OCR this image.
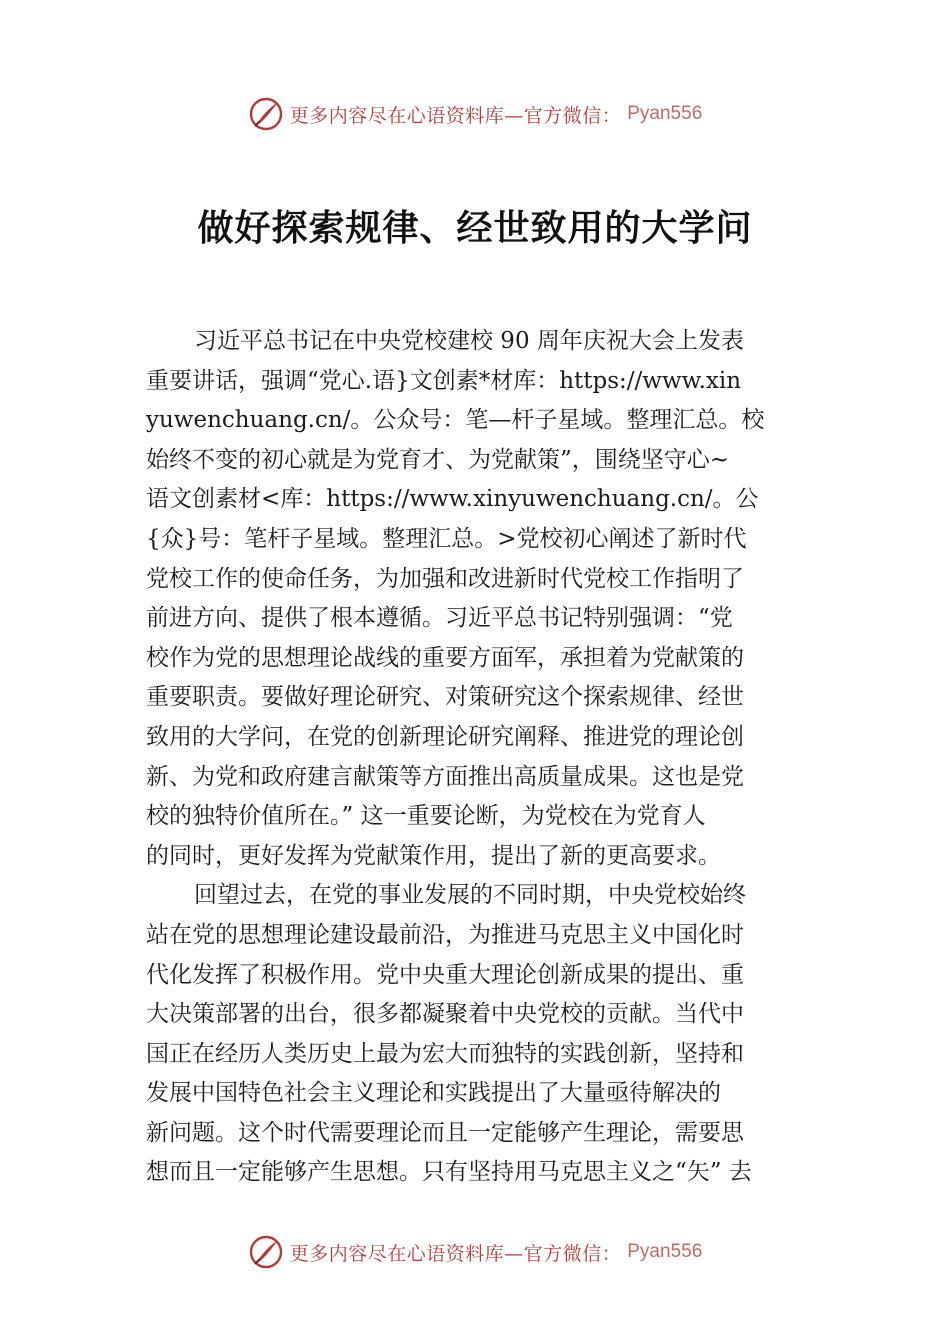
更多内容尽在心语资料库—官方微信： Pyan556
做好探索规律、经世致用的大学问
习近平总书记在中央党校建校 90 周年庆祝大会上发表
重要讲话，强调“党心.语}文创素*材库：https://www.xin
yuwenchuang.cn/。公众号：笔—杆子星域。整理汇总。校
始终不变的初心就是为党育才、为党献策”，围绕坚守心~
语文创素材<库：https://www.xinyuwenchuang.cn/。公
{众}号：笔杆子星域。整理汇总。>党校初心阐述了新时代
党校工作的使命任务，为加强和改进新时代党校工作指明了
前进方向、提供了根本遵循。习近平总书记特别强调：“党
校作为党的思想理论战线的重要方面军，承担着为党献策的
重要职责。要做好理论研究、对策研究这个探索规律、经世
致用的大学问，在党的创新理论研究阐释、推进党的理论创
新、为党和政府建言献策等方面推出高质量成果。这也是党
校的独特价值所在。” 这一重要论断，为党校在为党育人
的同时，更好发挥为党献策作用，提出了新的更高要求。
回望过去，在党的事业发展的不同时期，中央党校始终
站在党的思想理论建设最前沿，为推进马克思主义中国化时
代化发挥了积极作用。党中央重大理论创新成果的提出、重
大决策部署的出台，很多都凝聚着中央党校的贡献。当代中
国正在经历人类历史上最为宏大而独特的实践创新，坚持和
发展中国特色社会主义理论和实践提出了大量亟待解决的
新问题。这个时代需要理论而且一定能够产生理论，需要思
想而且一定能够产生思想。只有坚持用马克思主义之“矢” 去
更多内容尽在心语资料库—官方微信： Pyan556
